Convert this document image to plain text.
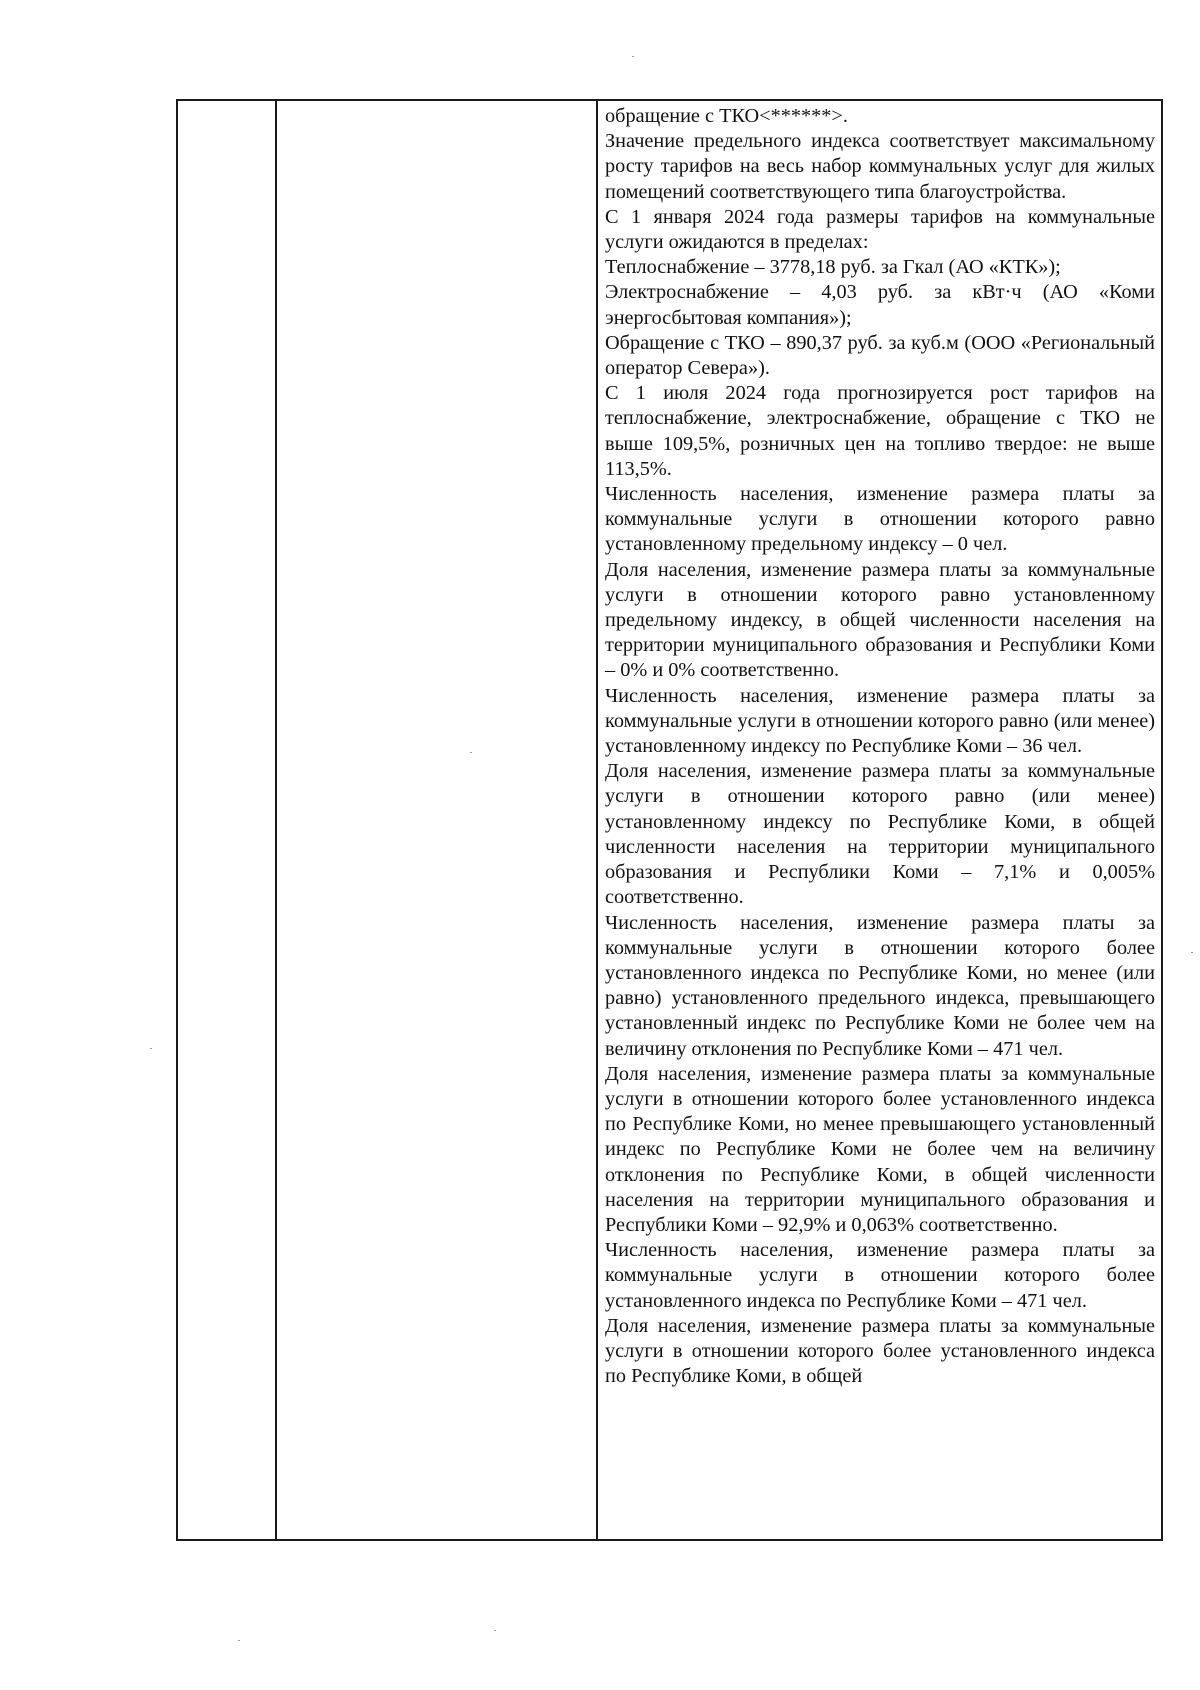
обращение с ТКО<******>.

Значение предельного индекса соответствует максимальному росту тарифов на весь набор коммунальных услуг для жилых помещений соответствующего типа благоустройства.

С 1 января 2024 года размеры тарифов на коммунальные услуги ожидаются в пределах:

Теплоснабжение – 3778,18 руб. за Гкал (АО «КТК»);

Электроснабжение – 4,03 руб. за кВт·ч (АО «Коми энергосбытовая компания»);

Обращение с ТКО – 890,37 руб. за куб.м (ООО «Региональный оператор Севера»).

С 1 июля 2024 года прогнозируется рост тарифов на теплоснабжение, электроснабжение, обращение с ТКО не выше 109,5%, розничных цен на топливо твердое: не выше 113,5%.

Численность населения, изменение размера платы за коммунальные услуги в отношении которого равно установленному предельному индексу – 0 чел.

Доля населения, изменение размера платы за коммунальные услуги в отношении которого равно установленному предельному индексу, в общей численности населения на территории муниципального образования и Республики Коми – 0% и 0% соответственно.

Численность населения, изменение размера платы за коммунальные услуги в отношении которого равно (или менее) установленному индексу по Республике Коми – 36 чел.

Доля населения, изменение размера платы за коммунальные услуги в отношении которого равно (или менее) установленному индексу по Республике Коми, в общей численности населения на территории муниципального образования и Республики Коми – 7,1% и 0,005% соответственно.

Численность населения, изменение размера платы за коммунальные услуги в отношении которого более установленного индекса по Республике Коми, но менее (или равно) установленного предельного индекса, превышающего установленный индекс по Республике Коми не более чем на величину отклонения по Республике Коми – 471 чел.

Доля населения, изменение размера платы за коммунальные услуги в отношении которого более установленного индекса по Республике Коми, но менее превышающего установленный индекс по Республике Коми не более чем на величину отклонения по Республике Коми, в общей численности населения на территории муниципального образования и Республики Коми – 92,9% и 0,063% соответственно.

Численность населения, изменение размера платы за коммунальные услуги в отношении которого более установленного индекса по Республике Коми – 471 чел.

Доля населения, изменение размера платы за коммунальные услуги в отношении которого более установленного индекса по Республике Коми, в общей
